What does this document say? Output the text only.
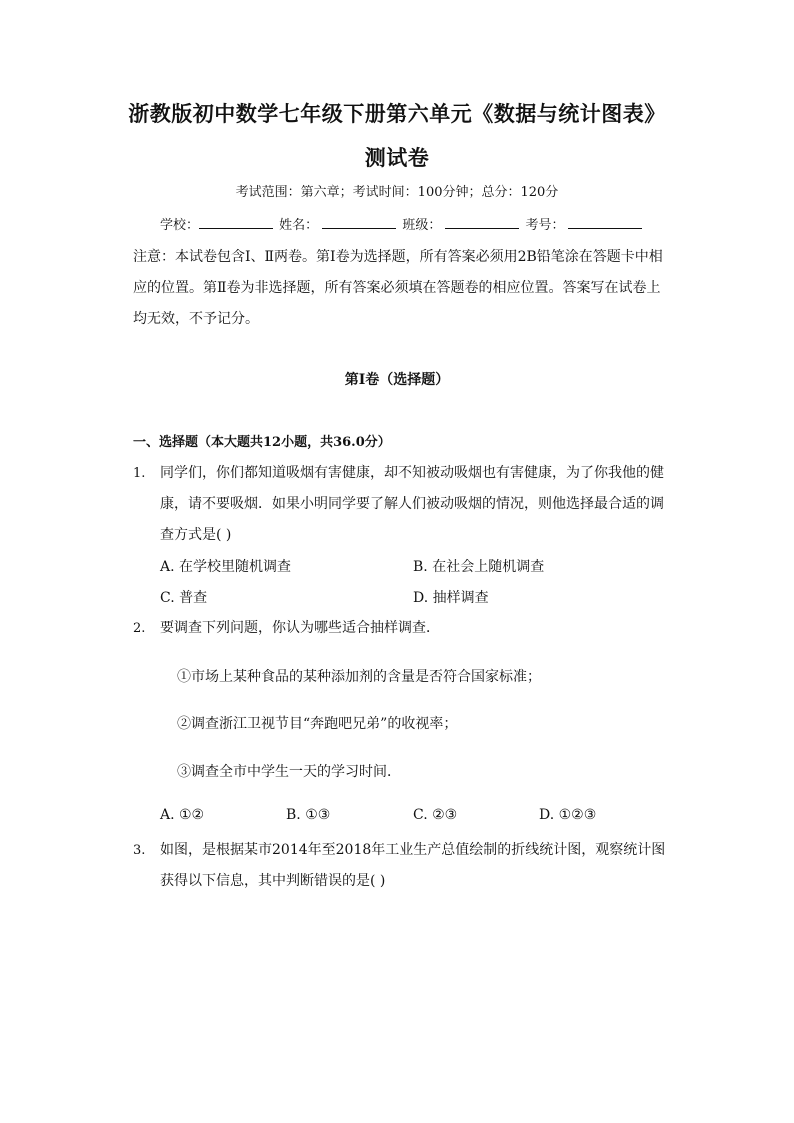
浙教版初中数学七年级下册第六单元《数据与统计图表》
测试卷
考试范围：第六章；考试时间：100分钟；总分：120分
学校：	姓名：	班级：	考号：
注意：本试卷包含Ⅰ、Ⅱ两卷。第Ⅰ卷为选择题，所有答案必须用2B铅笔涂在答题卡中相应的位置。第Ⅱ卷为非选择题，所有答案必须填在答题卷的相应位置。答案写在试卷上均无效，不予记分。
第Ⅰ卷（选择题）
一、选择题（本大题共12小题，共36.0分）
1. 同学们，你们都知道吸烟有害健康，却不知被动吸烟也有害健康，为了你我他的健康，请不要吸烟．如果小明同学要了解人们被动吸烟的情况，则他选择最合适的调查方式是( )
A. 在学校里随机调查	B. 在社会上随机调查
C. 普查	D. 抽样调查
2. 要调查下列问题，你认为哪些适合抽样调查．
①市场上某种食品的某种添加剂的含量是否符合国家标准；
②调查浙江卫视节目“奔跑吧兄弟”的收视率；
③调查全市中学生一天的学习时间．
A. ①②	B. ①③	C. ②③	D. ①②③
3. 如图，是根据某市2014年至2018年工业生产总值绘制的折线统计图，观察统计图获得以下信息，其中判断错误的是( )
